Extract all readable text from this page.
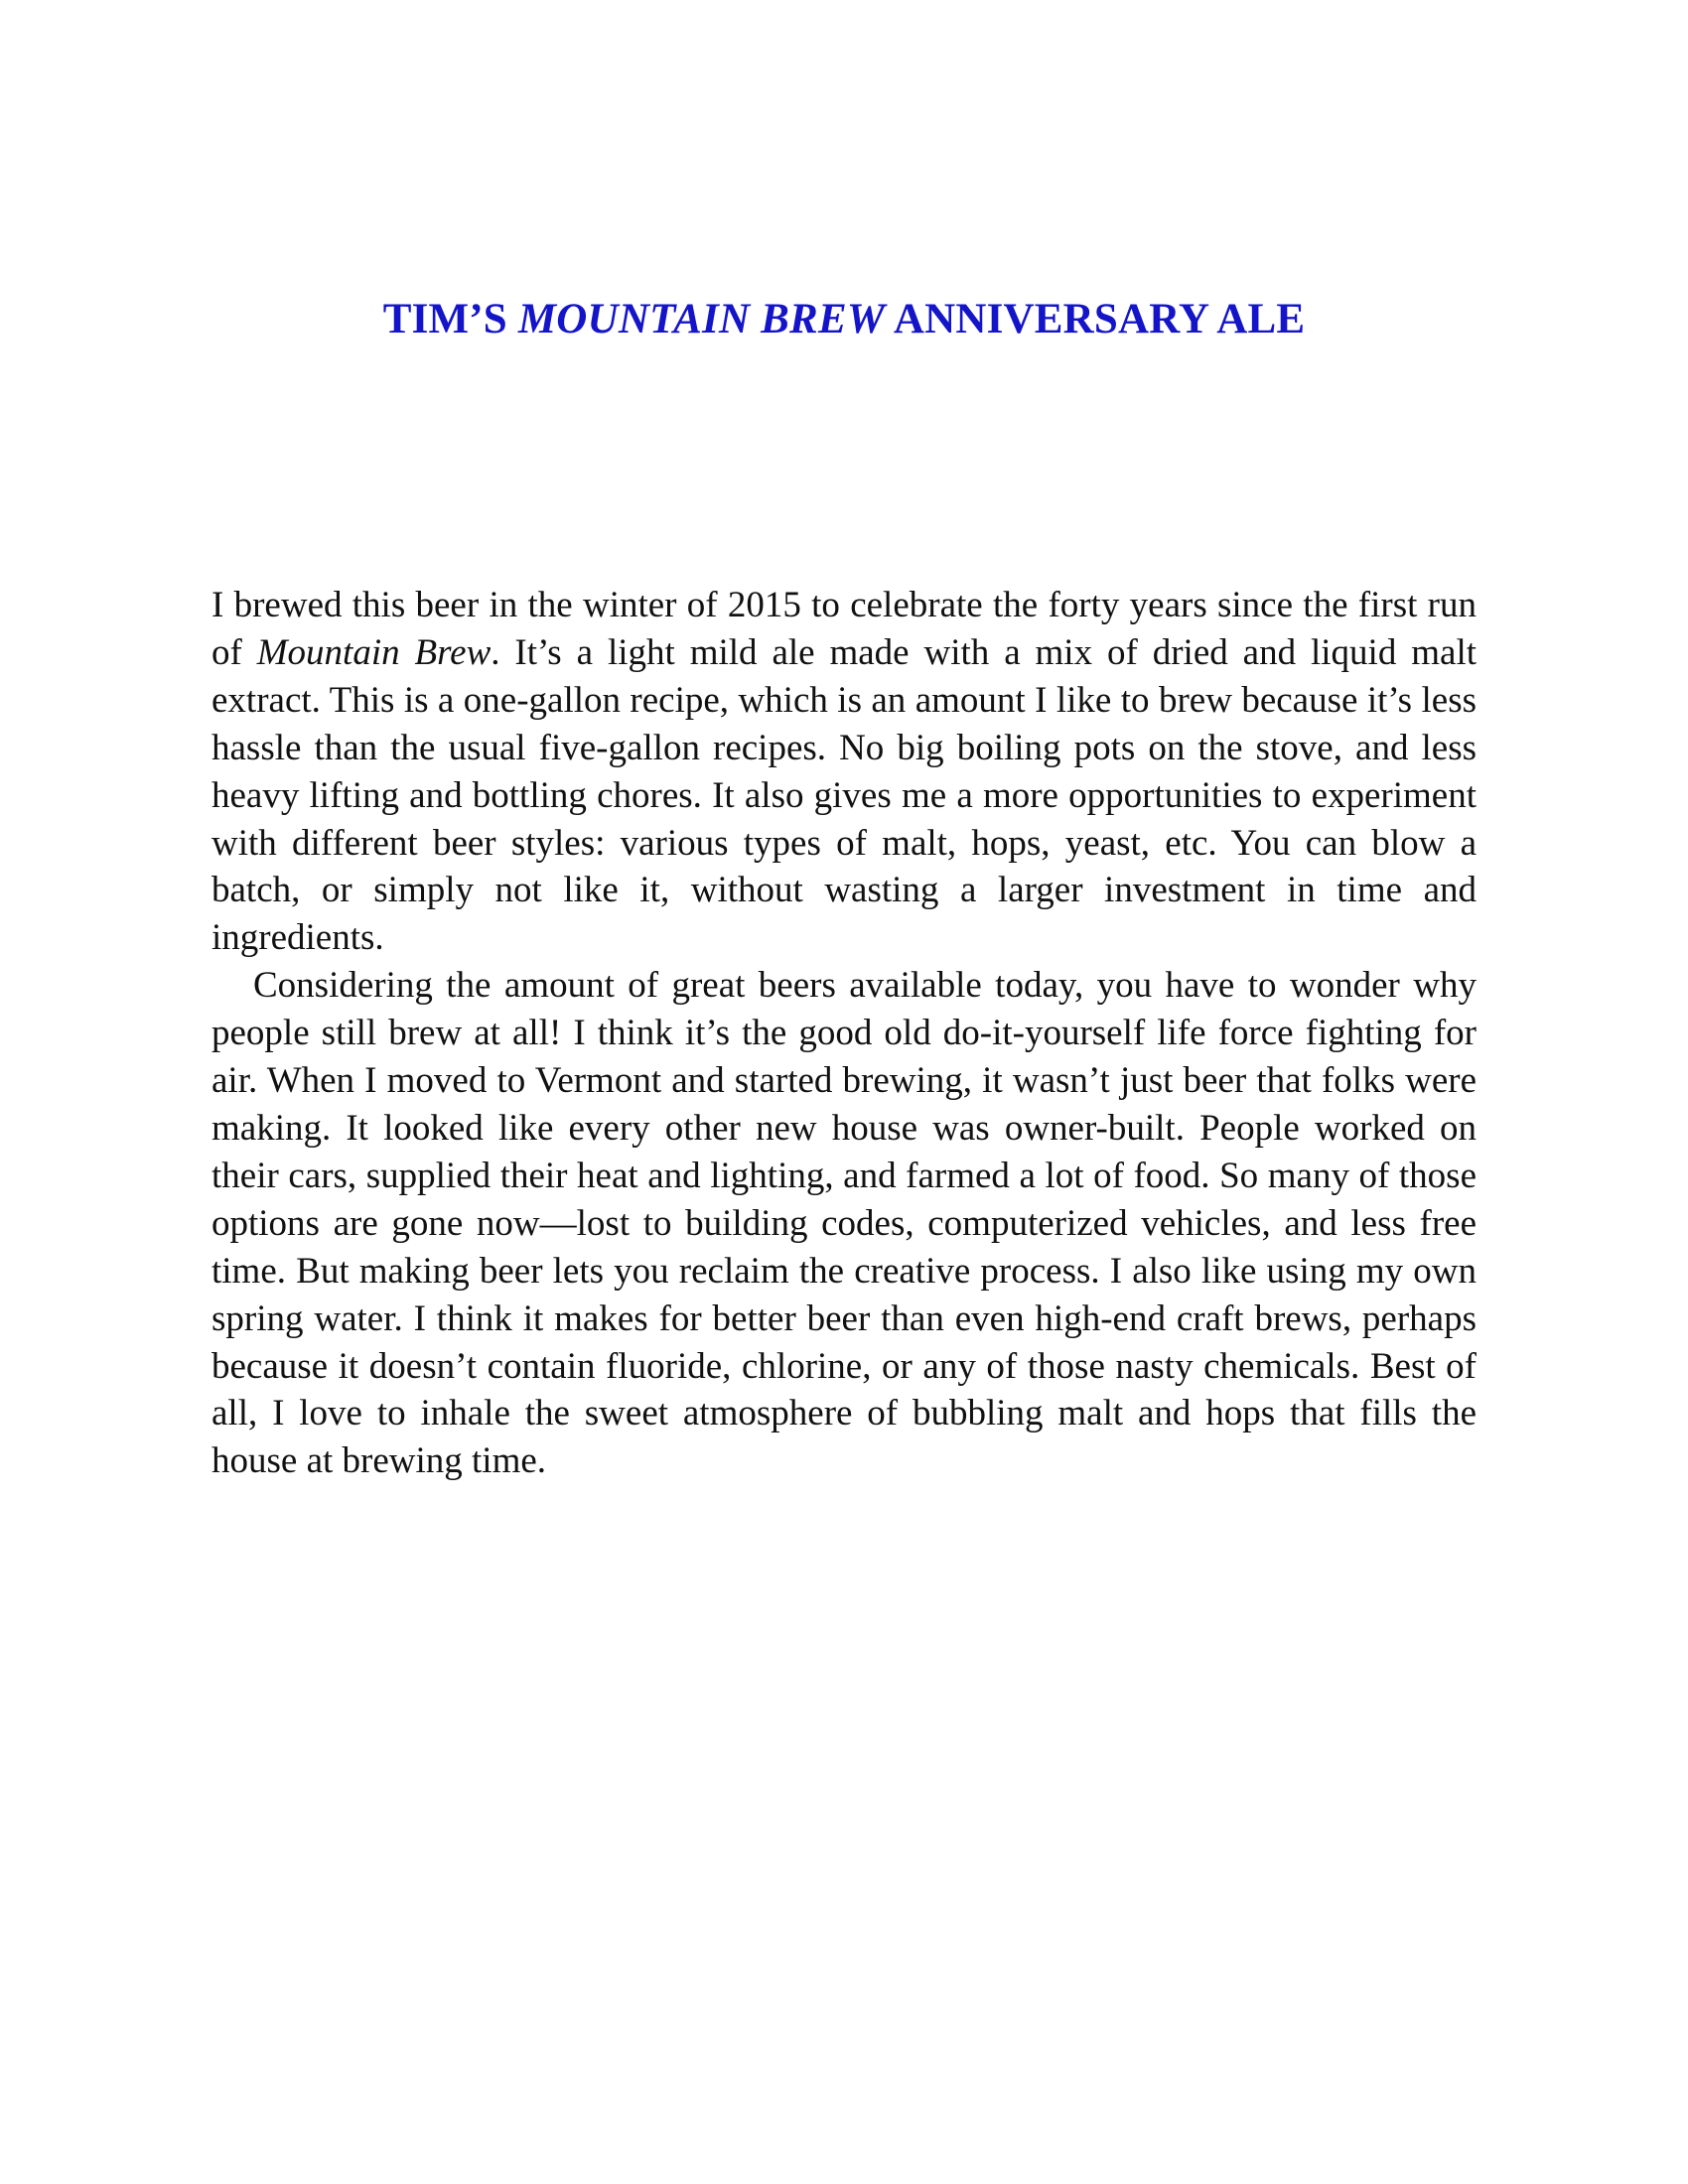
TIM’S MOUNTAIN BREW ANNIVERSARY ALE

I brewed this beer in the winter of 2015 to celebrate the forty years since the first run of Mountain Brew. It’s a light mild ale made with a mix of dried and liquid malt extract. This is a one-gallon recipe, which is an amount I like to brew because it’s less hassle than the usual five-gallon recipes. No big boiling pots on the stove, and less heavy lifting and bottling chores. It also gives me a more opportunities to experiment with different beer styles: various types of malt, hops, yeast, etc. You can blow a batch, or simply not like it, without wasting a larger investment in time and ingredients.

Considering the amount of great beers available today, you have to wonder why people still brew at all! I think it’s the good old do-it-yourself life force fighting for air. When I moved to Vermont and started brewing, it wasn’t just beer that folks were making. It looked like every other new house was owner-built. People worked on their cars, supplied their heat and lighting, and farmed a lot of food. So many of those options are gone now—lost to building codes, computerized vehicles, and less free time. But making beer lets you reclaim the creative process. I also like using my own spring water. I think it makes for better beer than even high-end craft brews, perhaps because it doesn’t contain fluoride, chlorine, or any of those nasty chemicals. Best of all, I love to inhale the sweet atmosphere of bubbling malt and hops that fills the house at brewing time.
